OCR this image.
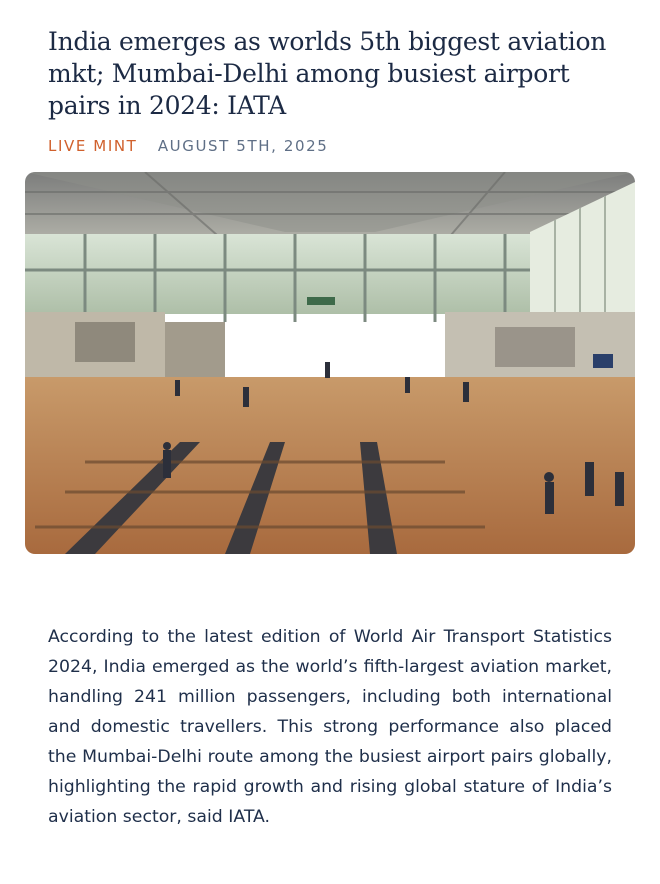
India emerges as worlds 5th biggest aviation mkt; Mumbai-Delhi among busiest airport pairs in 2024: IATA
LIVE MINT AUGUST 5TH, 2025

According to the latest edition of World Air Transport Statistics 2024, India emerged as the world’s fifth-largest aviation market, handling 241 million passengers, including both international and domestic travellers. This strong performance also placed the Mumbai-Delhi route among the busiest airport pairs globally, highlighting the rapid growth and rising global stature of India’s aviation sector, said IATA.
